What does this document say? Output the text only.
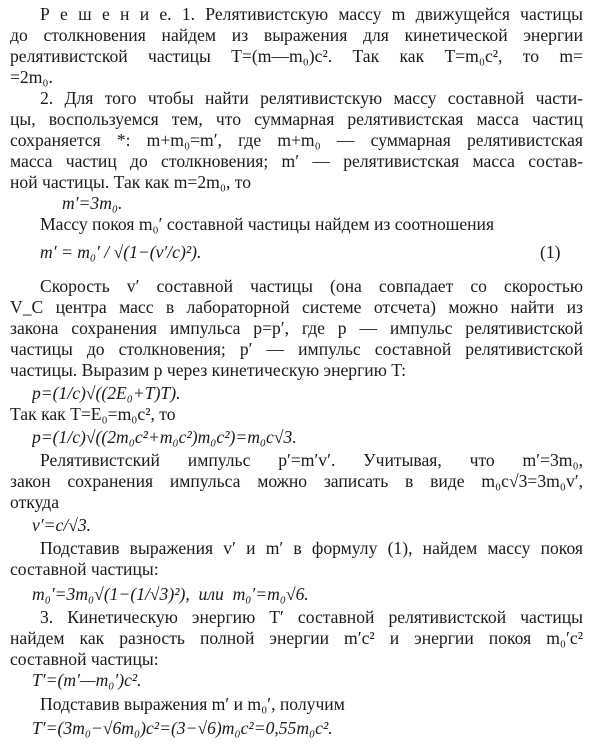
Р е ш е н и е. 1. Релятивистскую массу m движущейся частицы
до столкновения найдем из выражения для кинетической энергии
релятивистской частицы T=(m—m₀)c². Так как T=m₀c², то m=
=2m₀.
2. Для того чтобы найти релятивистскую массу составной части-
цы, воспользуемся тем, что суммарная релятивистская масса частиц
сохраняется *: m+m₀=m′, где m+m₀ — суммарная релятивистская
масса частиц до столкновения; m′ — релятивистская масса состав-
ной частицы. Так как m=2m₀, то
m′=3m₀.
Массу покоя m₀′ составной частицы найдем из соотношения
m′ = m₀′ / √(1−(v′/c)²).	(1)
Скорость v′ составной частицы (она совпадает со скоростью
V_C центра масс в лабораторной системе отсчета) можно найти из
закона сохранения импульса p=p′, где p — импульс релятивистской
частицы до столкновения; p′ — импульс составной релятивистской
частицы. Выразим p через кинетическую энергию T:
p=(1/c)√((2E₀+T)T).
Так как T=E₀=m₀c², то
p=(1/c)√((2m₀c²+m₀c²)m₀c²)=m₀c√3.
Релятивистский импульс p′=m′v′. Учитывая, что m′=3m₀,
закон сохранения импульса можно записать в виде m₀c√3=3m₀v′,
откуда
v′=c/√3.
Подставив выражения v′ и m′ в формулу (1), найдем массу покоя
составной частицы:
m₀′=3m₀√(1−(1/√3)²),  или  m₀′=m₀√6.
3. Кинетическую энергию T′ составной релятивистской частицы
найдем как разность полной энергии m′c² и энергии покоя m₀′c²
составной частицы:
T′=(m′—m₀′)c².
Подставив выражения m′ и m₀′, получим
T′=(3m₀−√6m₀)c²=(3−√6)m₀c²=0,55m₀c².
